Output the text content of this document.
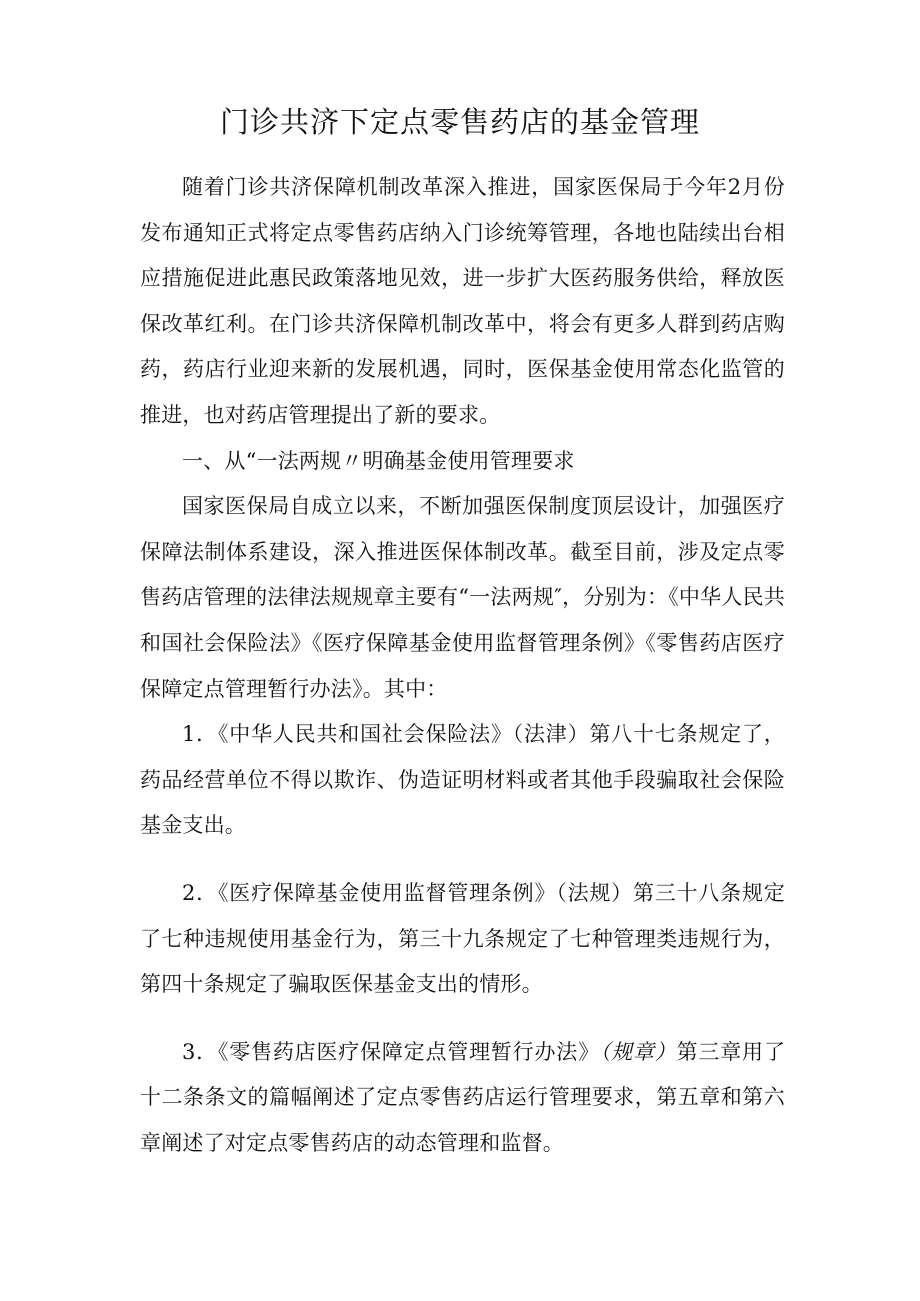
门诊共济下定点零售药店的基金管理

随着门诊共济保障机制改革深入推进，国家医保局于今年2月份发布通知正式将定点零售药店纳入门诊统筹管理，各地也陆续出台相应措施促进此惠民政策落地见效，进一步扩大医药服务供给，释放医保改革红利。在门诊共济保障机制改革中，将会有更多人群到药店购药，药店行业迎来新的发展机遇，同时，医保基金使用常态化监管的推进，也对药店管理提出了新的要求。

一、从“一法两规〃明确基金使用管理要求

国家医保局自成立以来，不断加强医保制度顶层设计，加强医疗保障法制体系建设，深入推进医保体制改革。截至目前，涉及定点零售药店管理的法律法规规章主要有“一法两规″，分别为：《中华人民共和国社会保险法》《医疗保障基金使用监督管理条例》《零售药店医疗保障定点管理暂行办法》。其中：

1．《中华人民共和国社会保险法》（法津）第八十七条规定了，药品经营单位不得以欺诈、伪造证明材料或者其他手段骗取社会保险基金支出。

2．《医疗保障基金使用监督管理条例》（法规）第三十八条规定了七种违规使用基金行为，第三十九条规定了七种管理类违规行为，第四十条规定了骗取医保基金支出的情形。

3．《零售药店医疗保障定点管理暂行办法》（规章）第三章用了十二条条文的篇幅阐述了定点零售药店运行管理要求，第五章和第六章阐述了对定点零售药店的动态管理和监督。
